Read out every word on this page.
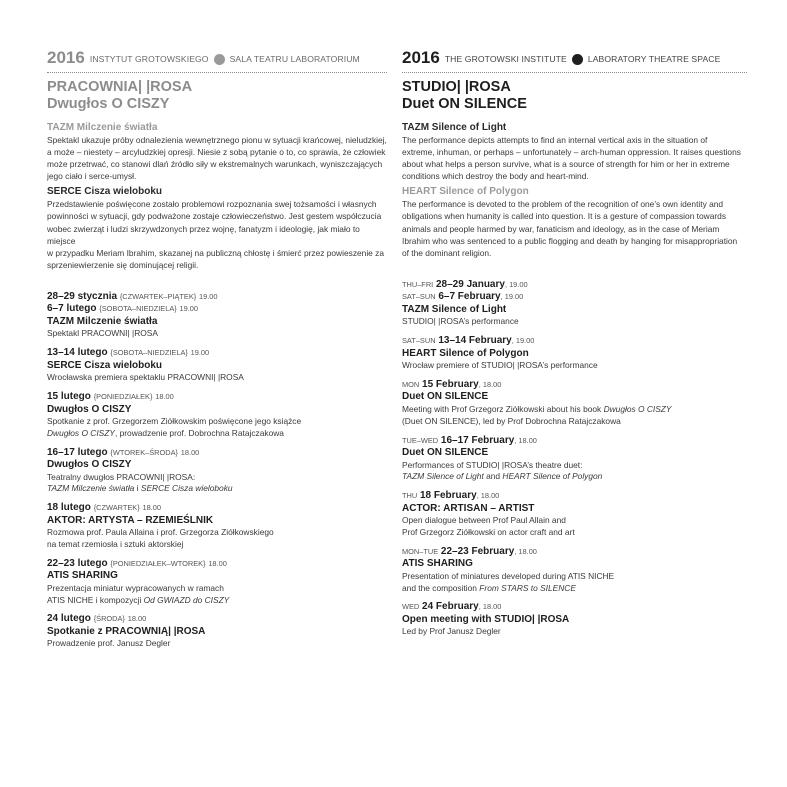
2016 INSTYTUT GROTOWSKIEGO SALA TEATRU LABORATORIUM
PRACOWNIA| |ROSA
Dwugłos O CISZY
TAZM Milczenie światła
Spektakl ukazuje próby odnalezienia wewnętrznego pionu w sytuacji krańcowej, nieludzkiej,
a może – niestety – arcyludzkiej opresji. Niesie z sobą pytanie o to, co sprawia, że człowiek
może przetrwać, co stanowi dlań źródło siły w ekstremalnych warunkach, wyniszczających
jego ciało i serce-umysł.
SERCE Cisza wieloboku
Przedstawienie poświęcone zostało problemowi rozpoznania swej tożsamości i własnych
powinności w sytuacji, gdy podważone zostaje człowieczeństwo. Jest gestem współczucia
wobec zwierząt i ludzi skrzywdzonych przez wojnę, fanatyzm i ideologię, jak miało to miejsce
w przypadku Meriam Ibrahim, skazanej na publiczną chłostę i śmierć przez powieszenie za
sprzeniewierzenie się dominującej religii.
28–29 stycznia {CZWARTEK–PIĄTEK} 19.00
6–7 lutego {SOBOTA–NIEDZIELA} 19.00
TAZM Milczenie światła
Spektakl PRACOWNI| |ROSA
13–14 lutego {SOBOTA–NIEDZIELA} 19.00
SERCE Cisza wieloboku
Wrocławska premiera spektaklu PRACOWNI| |ROSA
15 lutego {PONIEDZIAŁEK} 18.00
Dwugłos O CISZY
Spotkanie z prof. Grzegorzem Ziółkowskim poświęcone jego książce
Dwugłos O CISZY, prowadzenie prof. Dobrochna Ratajczakowa
16–17 lutego {WTOREK–ŚRODA} 18.00
Dwugłos O CISZY
Teatralny dwugłos PRACOWNI| |ROSA:
TAZM Milczenie światła i SERCE Cisza wieloboku
18 lutego {CZWARTEK} 18.00
AKTOR: ARTYSTA – RZEMIEŚLNIK
Rozmowa prof. Paula Allaina i prof. Grzegorza Ziółkowskiego
na temat rzemiosła i sztuki aktorskiej
22–23 lutego {PONIEDZIAŁEK–WTOREK} 18.00
ATIS SHARING
Prezentacja miniatur wypracowanych w ramach
ATIS NICHE i kompozycji Od GWIAZD do CISZY
24 lutego {ŚRODA} 18.00
Spotkanie z PRACOWNIĄ| |ROSA
Prowadzenie prof. Janusz Degler
2016 THE GROTOWSKI INSTITUTE LABORATORY THEATRE SPACE
STUDIO| |ROSA
Duet ON SILENCE
TAZM Silence of Light
The performance depicts attempts to find an internal vertical axis in the situation of
extreme, inhuman, or perhaps – unfortunately – arch-human oppression. It raises questions
about what helps a person survive, what is a source of strength for him or her in extreme
conditions which destroy the body and heart-mind.
HEART Silence of Polygon
The performance is devoted to the problem of the recognition of one’s own identity and
obligations when humanity is called into question. It is a gesture of compassion towards
animals and people harmed by war, fanaticism and ideology, as in the case of Meriam
Ibrahim who was sentenced to a public flogging and death by hanging for misappropriation
of the dominant religion.
THU–FRI 28–29 January, 19.00
SAT–SUN 6–7 February, 19.00
TAZM Silence of Light
STUDIO| |ROSA’s performance
SAT–SUN 13–14 February, 19.00
HEART Silence of Polygon
Wrocław premiere of STUDIO| |ROSA’s performance
MON 15 February, 18.00
Duet ON SILENCE
Meeting with Prof Grzegorz Ziółkowski about his book Dwugłos O CISZY
(Duet ON SILENCE), led by Prof Dobrochna Ratajczakowa
TUE–WED 16–17 February, 18.00
Duet ON SILENCE
Performances of STUDIO| |ROSA’s theatre duet:
TAZM Silence of Light and HEART Silence of Polygon
THU 18 February, 18.00
ACTOR: ARTISAN – ARTIST
Open dialogue between Prof Paul Allain and
Prof Grzegorz Ziółkowski on actor craft and art
MON–TUE 22–23 February, 18.00
ATIS SHARING
Presentation of miniatures developed during ATIS NICHE
and the composition From STARS to SILENCE
WED 24 February, 18.00
Open meeting with STUDIO| |ROSA
Led by Prof Janusz Degler
